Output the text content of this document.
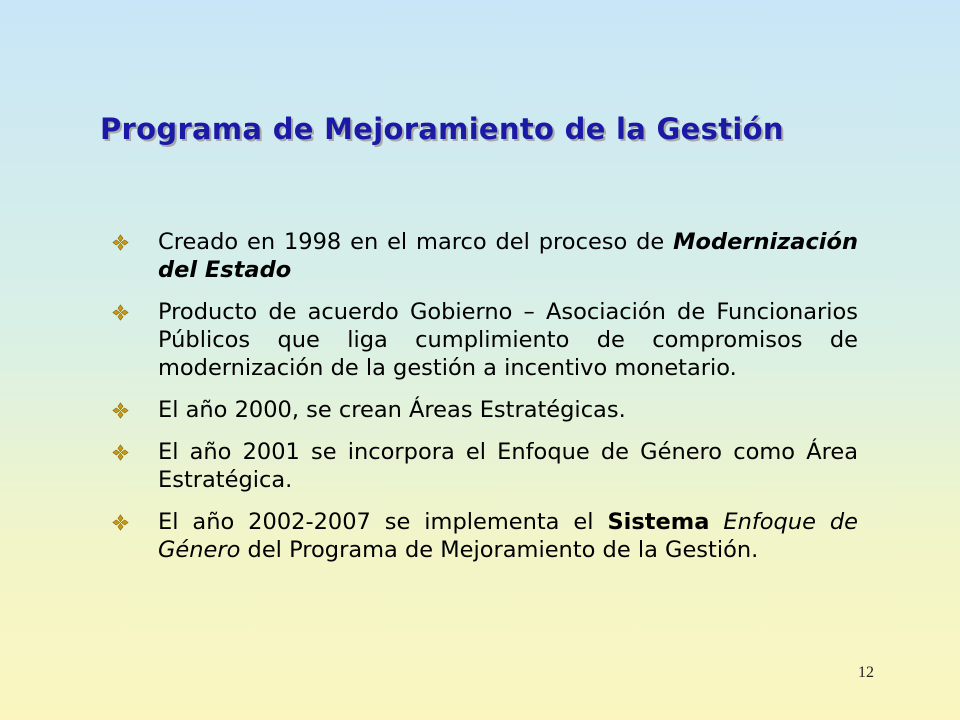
Programa de Mejoramiento de la Gestión
Creado en 1998 en el marco del proceso de Modernización del Estado
Producto de acuerdo Gobierno – Asociación de Funcionarios Públicos que liga cumplimiento de compromisos de modernización de la gestión a incentivo monetario.
El año 2000, se crean Áreas Estratégicas.
El año 2001 se incorpora el Enfoque de Género como Área Estratégica.
El año 2002-2007 se implementa el Sistema Enfoque de Género del Programa de Mejoramiento de la Gestión.
12
